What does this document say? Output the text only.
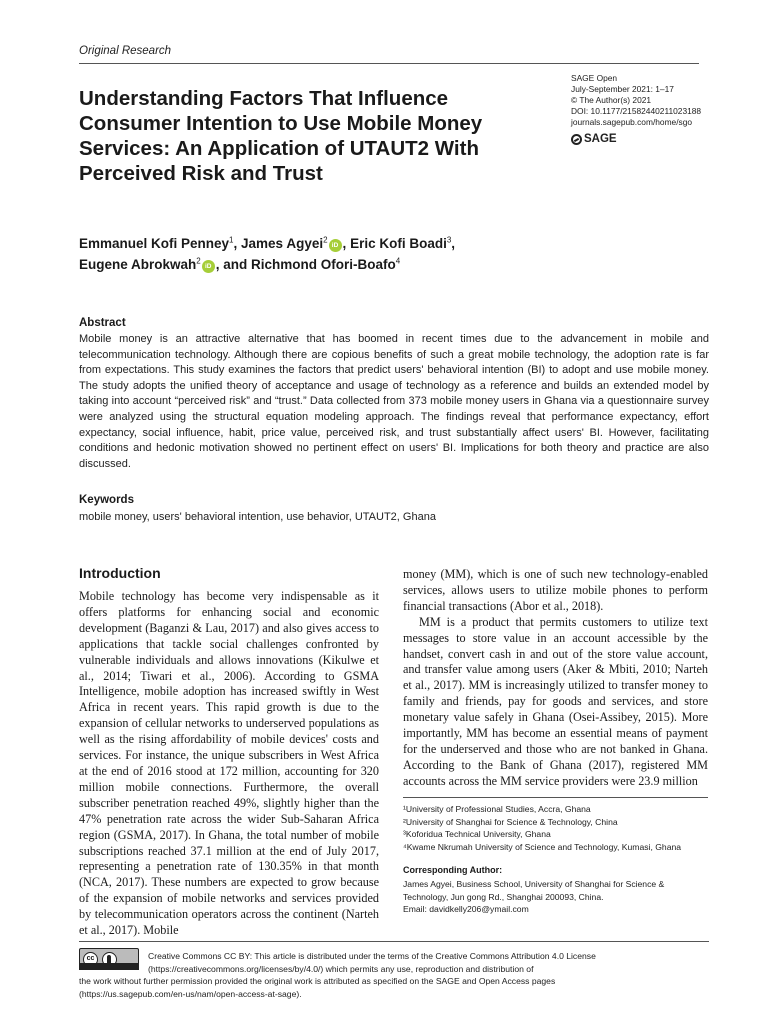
Original Research
Understanding Factors That Influence Consumer Intention to Use Mobile Money Services: An Application of UTAUT2 With Perceived Risk and Trust
SAGE Open
July-September 2021: 1–17
© The Author(s) 2021
DOI: 10.1177/21582440211023188
journals.sagepub.com/home/sgo
SAGE
Emmanuel Kofi Penney$^1$, James Agyei$^2$iD , Eric Kofi Boadi$^3$,
Eugene Abrokwah$^2$iD , and Richmond Ofori-Boafo$^4$
Abstract

Mobile money is an attractive alternative that has boomed in recent times due to the advancement in mobile and telecommunication technology. Although there are copious benefits of such a great mobile technology, the adoption rate is far from expectations. This study examines the factors that predict users' behavioral intention (BI) to adopt and use mobile money. The study adopts the unified theory of acceptance and usage of technology as a reference and builds an extended model by taking into account “perceived risk” and “trust.” Data collected from 373 mobile money users in Ghana via a questionnaire survey were analyzed using the structural equation modeling approach. The findings reveal that performance expectancy, effort expectancy, social influence, habit, price value, perceived risk, and trust substantially affect users' BI. However, facilitating conditions and hedonic motivation showed no pertinent effect on users' BI. Implications for both theory and practice are also discussed.

Keywords
mobile money, users' behavioral intention, use behavior, UTAUT2, Ghana
Introduction

Mobile technology has become very indispensable as it offers platforms for enhancing social and economic development (Baganzi & Lau, 2017) and also gives access to applications that tackle social challenges confronted by vulnerable individuals and allows innovations (Kikulwe et al., 2014; Tiwari et al., 2006). According to GSMA Intelligence, mobile adoption has increased swiftly in West Africa in recent years. This rapid growth is due to the expansion of cellular networks to underserved populations as well as the rising affordability of mobile devices' costs and services. For instance, the unique subscribers in West Africa at the end of 2016 stood at 172 million, accounting for 320 million mobile connections. Furthermore, the overall subscriber penetration reached 49%, slightly higher than the 47% penetration rate across the wider Sub-Saharan Africa region (GSMA, 2017). In Ghana, the total number of mobile subscriptions reached 37.1 million at the end of July 2017, representing a penetration rate of 130.35% in that month (NCA, 2017). These numbers are expected to grow because of the expansion of mobile networks and services provided by telecommunication operators across the continent (Narteh et al., 2017). Mobile

money (MM), which is one of such new technology-enabled services, allows users to utilize mobile phones to perform financial transactions (Abor et al., 2018).

MM is a product that permits customers to utilize text messages to store value in an account accessible by the handset, convert cash in and out of the store value account, and transfer value among users (Aker & Mbiti, 2010; Narteh et al., 2017). MM is increasingly utilized to transfer money to family and friends, pay for goods and services, and store monetary value safely in Ghana (Osei-Assibey, 2015). More importantly, MM has become an essential means of payment for the underserved and those who are not banked in Ghana. According to the Bank of Ghana (2017), registered MM accounts across the MM service providers were 23.9 million

¹University of Professional Studies, Accra, Ghana
²University of Shanghai for Science & Technology, China
³Koforidua Technical University, Ghana
⁴Kwame Nkrumah University of Science and Technology, Kumasi, Ghana
Corresponding Author:
James Agyei, Business School, University of Shanghai for Science & Technology, Jun gong Rd., Shanghai 200093, China.
Email: davidkelly206@ymail.com
cc	Creative Commons CC BY: This article is distributed under the terms of the Creative Commons Attribution 4.0 License
(https://creativecommons.org/licenses/by/4.0/) which permits any use, reproduction and distribution of
the work without further permission provided the original work is attributed as specified on the SAGE and Open Access pages
(https://us.sagepub.com/en-us/nam/open-access-at-sage).
